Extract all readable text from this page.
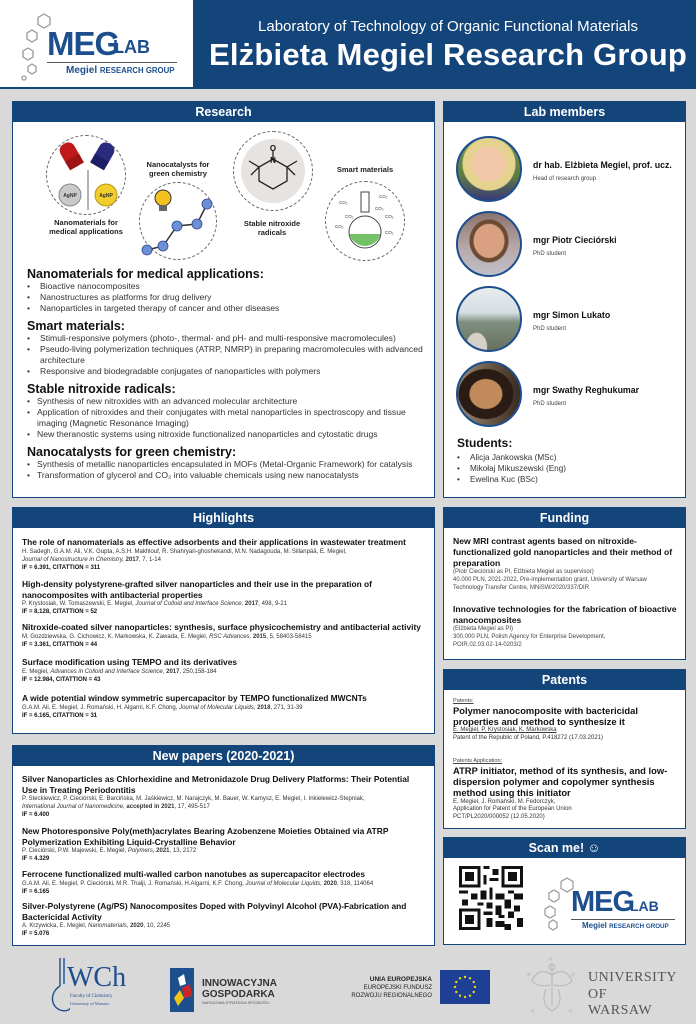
MEG
LAB
Megiel RESEARCH GROUP
Laboratory of Technology of Organic Functional Materials
Elżbieta Megiel Research Group
Research
AgNP	AgNP
Nanomaterials for medical applications
Nanocatalysts for green chemistry
N
O
Stable nitroxide radicals
Smart materials
CO₂
CO₂
CO₂
CO₂
CO₂
CO₂
CO₂
Nanomaterials for medical applications:
• Bioactive nanocomposites
• Nanostructures as platforms for drug delivery
• Nanoparticles in targeted therapy of cancer and other diseases
Smart materials:
• Stimuli-responsive polymers (photo-, thermal- and pH- and multi-responsive macromolecules)
• Pseudo-living polymerization techniques (ATRP, NMRP) in preparing macromolecules with advanced architecture
• Responsive and biodegradable conjugates of nanoparticles with polymers
Stable nitroxide radicals:
• Synthesis of new nitroxides with an advanced molecular architecture
• Application of nitroxides and their conjugates with metal nanoparticles in spectroscopy and tissue imaging (Magnetic Resonance Imaging)
• New theranostic systems using nitroxide functionalized nanoparticles and cytostatic drugs
Nanocatalysts for green chemistry:
• Synthesis of metallic nanoparticles encapsulated in MOFs (Metal-Organic Framework) for catalysis
• Transformation of glycerol and CO₂ into valuable chemicals using new nanocatalysts
Lab members
dr hab. Elżbieta Megiel, prof. ucz.
Head of research group
mgr Piotr Cieciórski
PhD student
mgr Simon Lukato
PhD student
mgr Swathy Reghukumar
PhD student
Students:
• Alicja Jankowska (MSc)
• Mikołaj Mikuszewski (Eng)
• Ewelina Kuc (BSc)
Highlights
The role of nanomaterials as effective adsorbents and their applications in wastewater treatment
H. Sadegh, G.A.M. Ali, V.K. Gupta, A.S.H. Makhlouf, R. Shahryari-ghoshekandi, M.N. Nadagouda, M. Sillanpää, E. Megiel,
Journal of Nanostructure in Chemistry, 2017, 7, 1-14
IF = 6.391, CITATTION = 311
High-density polystyrene-grafted silver nanoparticles and their use in the preparation of nanocomposites with antibacterial properties
P. Krystosiak, W. Tomaszewski, E. Megiel, Journal of Colloid and Interface Science, 2017, 498, 9-21
IF = 8.128, CITATTION = 52
Nitroxide-coated silver nanoparticles: synthesis, surface physicochemistry and antibacterial activity
M. Gozdziewska, G. Cichowicz, K. Markowska, K. Zawada, E. Megiel, RSC Advances, 2015, 5, 58403-58415
IF = 3.361, CITATTION = 44
Surface modification using TEMPO and its derivatives
E. Megiel, Advances in Colloid and Interface Science, 2017, 250,158-184
IF = 12.984, CITATTION = 43
A wide potential window symmetric supercapacitor by TEMPO functionalized MWCNTs
G.A.M. Ali, E. Megiel, J. Romański, H. Algarni, K.F. Chong, Journal of Molecular Liquids, 2018, 271, 31-39
IF = 6.165, CITATTION = 31
New papers (2020-2021)
Silver Nanoparticles as Chlorhexidine and Metronidazole Drug Delivery Platforms: Their Potential Use in Treating Periodontitis
P. Steckiewicz, P. Cieciórski, E. Barcińska, M. Jaśkiewicz, M. Narajczyk, M. Bauer, W. Kamysz, E. Megiel, I. Inkielewicz-Stepniak,
International Journal of Nanomedicine, accepted in 2021, 17, 495-517
IF = 6.400
New Photoresponsive Poly(meth)acrylates Bearing Azobenzene Moieties Obtained via ATRP Polymerization Exhibiting Liquid-Crystalline Behavior
P. Cieciórski, P.W. Majewski, E. Megiel, Polymers, 2021, 13, 2172
IF = 4.329
Ferrocene functionalized multi-walled carbon nanotubes as supercapacitor electrodes
G.A.M. Ali, E. Megiel, P. Cieciórski, M.R. Thalji, J. Romański, H.Algarni, K.F. Chong, Journal of Molecular Liquids, 2020, 318, 114064
IF = 6.165
Silver-Polystyrene (Ag/PS) Nanocomposites Doped with Polyvinyl Alcohol (PVA)-Fabrication and Bactericidal Activity
A. Krzywicka, E. Megiel, Nanomaterials, 2020, 10, 2245
IF = 5.076
Funding
New MRI contrast agents based on nitroxide-functionalized gold nanoparticles and their method of preparation
(Piotr Cieciórski as PI, Elżbieta Megiel as supervisor)
40.000 PLN, 2021-2022, Pre-implementation grant, University of Warsaw
Technology Transfer Centre, MNiSW/2020/337/DIR
Innovative technologies for the fabrication of bioactive nanocomposites
(Elżbieta Megiel as PI)
300.000 PLN, Polish Agency for Enterprise Development,
POIR.02.03.02-14-0203/2
Patents
Patents:
Polymer nanocomposite with bactericidal properties and method to synthesize it
E. Megiel, P. Krystosiak, K. Markowska
Patent of the Republic of Poland, P.418272 (17.03.2021)
Patents Application:
ATRP initiator, method of its synthesis, and low-dispersion polymer and copolymer synthesis method using this initiator
E. Megiel, J. Romański, M. Fedorczyk,
Application for Patent of the European Union
PCT/PL2020/000052 (12.05.2020)
Scan me! ☺
MEG
LAB
Megiel RESEARCH GROUP
WCh
Faculty of Chemistry
University of Warsaw
INNOWACYJNA
GOSPODARKA
NARODOWA STRATEGIA SPÓJNOŚCI
UNIA EUROPEJSKA
EUROPEJSKI FUNDUSZ
ROZWOJU REGIONALNEGO
✳	✳
✳
✳	✳
UNIVERSITY
OF WARSAW
